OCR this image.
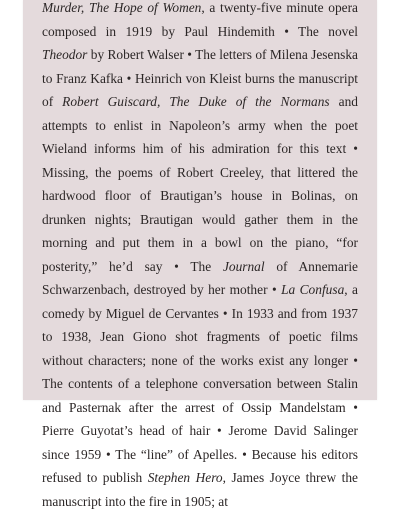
Murder, The Hope of Women, a twenty-five minute opera composed in 1919 by Paul Hindemith • The novel Theodor by Robert Walser • The letters of Milena Jesenska to Franz Kafka • Heinrich von Kleist burns the manuscript of Robert Guiscard, The Duke of the Normans and attempts to enlist in Napoleon’s army when the poet Wieland informs him of his admiration for this text • Missing, the poems of Robert Creeley, that littered the hardwood floor of Brautigan’s house in Bolinas, on drunken nights; Brautigan would gather them in the morning and put them in a bowl on the piano, “for posterity,” he’d say • The Journal of Annemarie Schwarzenbach, destroyed by her mother • La Confusa, a comedy by Miguel de Cervantes • In 1933 and from 1937 to 1938, Jean Giono shot fragments of poetic films without characters; none of the works exist any longer • The contents of a telephone conversation between Stalin and Pasternak after the arrest of Ossip Mandelstam • Pierre Guyotat’s head of hair • Jerome David Salinger since 1959 • The “line” of Apelles. • Because his editors refused to publish Stephen Hero, James Joyce threw the manuscript into the fire in 1905; at
